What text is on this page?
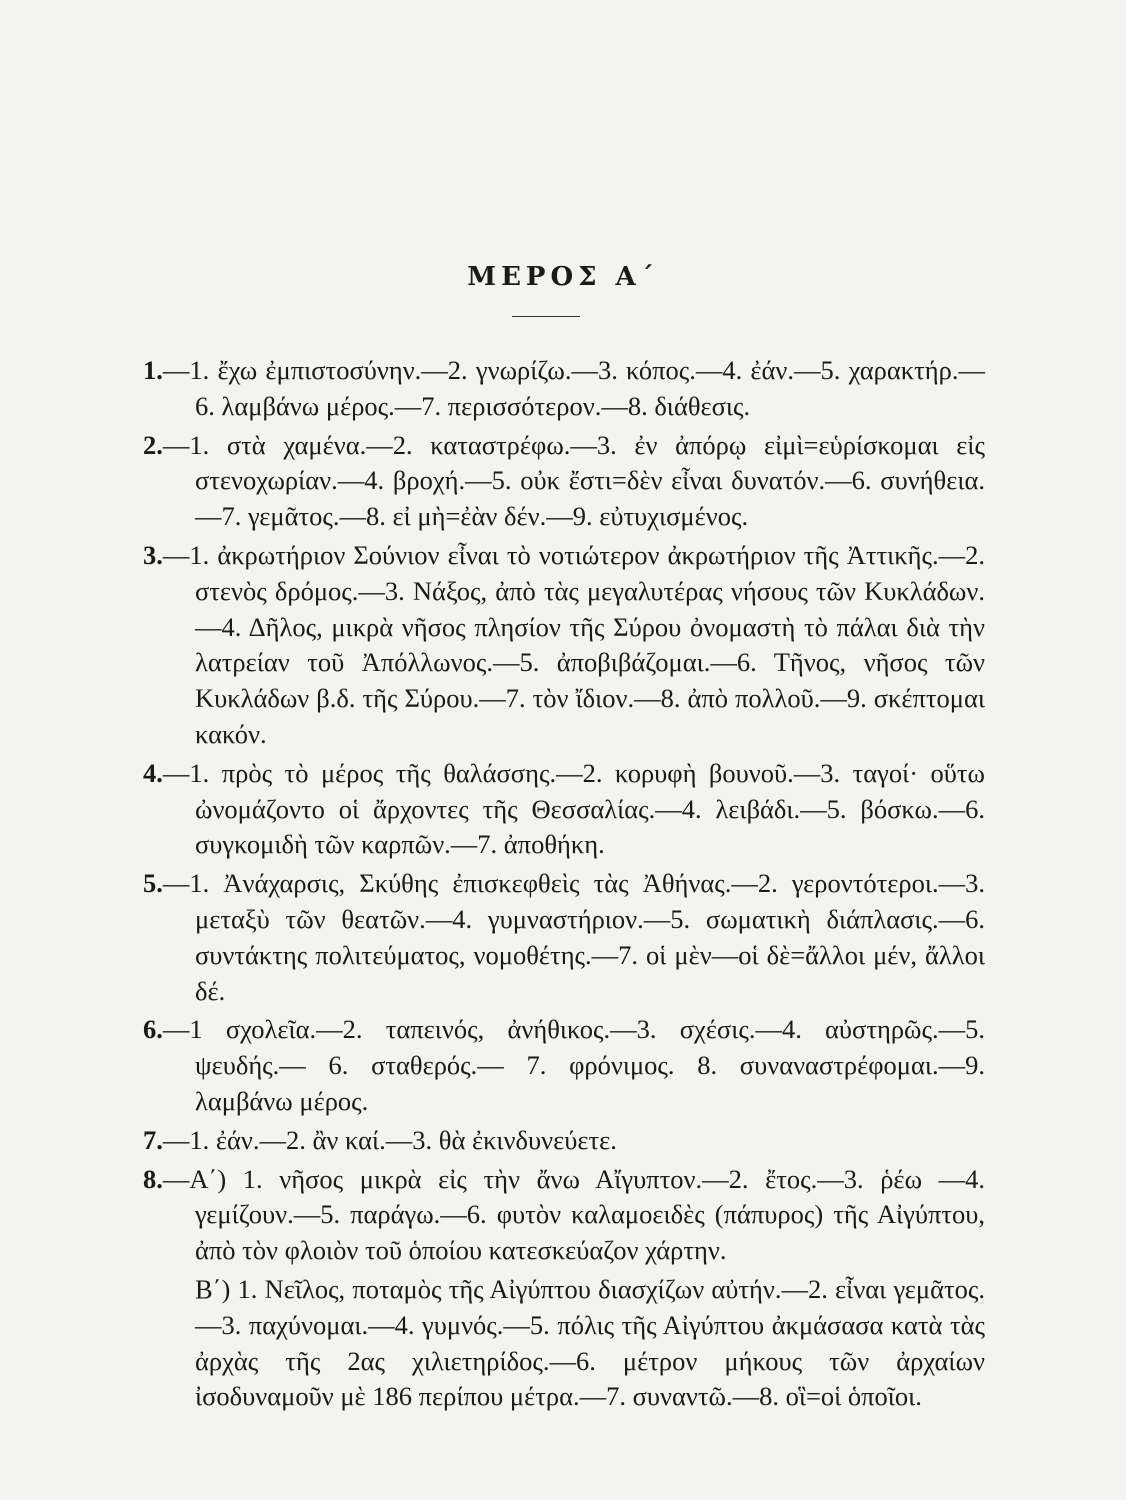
ΜΕΡΟΣ Α΄

1.—1. ἔχω ἐμπιστοσύνην.—2. γνωρίζω.—3. κόπος.—4. ἐάν.—5. χαρακτήρ.—6. λαμβάνω μέρος.—7. περισσότερον.—8. διάθεσις.

2.—1. στὰ χαμένα.—2. καταστρέφω.—3. ἐν ἀπόρῳ εἰμὶ=εὑρίσκομαι εἰς στενοχωρίαν.—4. βροχή.—5. οὐκ ἔστι=δὲν εἶναι δυνατόν.—6. συνήθεια.—7. γεμᾶτος.—8. εἰ μὴ=ἐὰν δέν.—9. εὐτυχισμένος.

3.—1. ἀκρωτήριον Σούνιον εἶναι τὸ νοτιώτερον ἀκρωτήριον τῆς Ἀττικῆς.—2. στενὸς δρόμος.—3. Νάξος, ἀπὸ τὰς μεγαλυτέρας νήσους τῶν Κυκλάδων.—4. Δῆλος, μικρὰ νῆσος πλησίον τῆς Σύρου ὀνομαστὴ τὸ πάλαι διὰ τὴν λατρείαν τοῦ Ἀπόλλωνος.—5. ἀποβιβάζομαι.—6. Τῆνος, νῆσος τῶν Κυκλάδων β.δ. τῆς Σύρου.—7. τὸν ἴδιον.—8. ἀπὸ πολλοῦ.—9. σκέπτομαι κακόν.

4.—1. πρὸς τὸ μέρος τῆς θαλάσσης.—2. κορυφὴ βουνοῦ.—3. ταγοί· οὕτω ὠνομάζοντο οἱ ἄρχοντες τῆς Θεσσαλίας.—4. λειβάδι.—5. βόσκω.—6. συγκομιδὴ τῶν καρπῶν.—7. ἀποθήκη.

5.—1. Ἀνάχαρσις, Σκύθης ἐπισκεφθεὶς τὰς Ἀθήνας.—2. γεροντότεροι.—3. μεταξὺ τῶν θεατῶν.—4. γυμναστήριον.—5. σωματικὴ διάπλασις.—6. συντάκτης πολιτεύματος, νομοθέτης.—7. οἱ μὲν—οἱ δὲ=ἄλλοι μέν, ἄλλοι δέ.

6.—1 σχολεῖα.—2. ταπεινός, ἀνήθικος.—3. σχέσις.—4. αὐστηρῶς.—5. ψευδής.— 6. σταθερός.— 7. φρόνιμος. 8. συναναστρέφομαι.—9. λαμβάνω μέρος.

7.—1. ἐάν.—2. ἂν καί.—3. θὰ ἐκινδυνεύετε.

8.—Α΄) 1. νῆσος μικρὰ εἰς τὴν ἄνω Αἴγυπτον.—2. ἔτος.—3. ῥέω —4. γεμίζουν.—5. παράγω.—6. φυτὸν καλαμοειδὲς (πάπυρος) τῆς Αἰγύπτου, ἀπὸ τὸν φλοιὸν τοῦ ὁποίου κατεσκεύαζον χάρτην.

Β΄) 1. Νεῖλος, ποταμὸς τῆς Αἰγύπτου διασχίζων αὐτήν.—2. εἶναι γεμᾶτος.—3. παχύνομαι.—4. γυμνός.—5. πόλις τῆς Αἰγύπτου ἀκμάσασα κατὰ τὰς ἀρχὰς τῆς 2ας χιλιετηρίδος.—6. μέτρον μήκους τῶν ἀρχαίων ἰσοδυναμοῦν μὲ 186 περίπου μέτρα.—7. συναντῶ.—8. οἳ=οἱ ὁποῖοι.
